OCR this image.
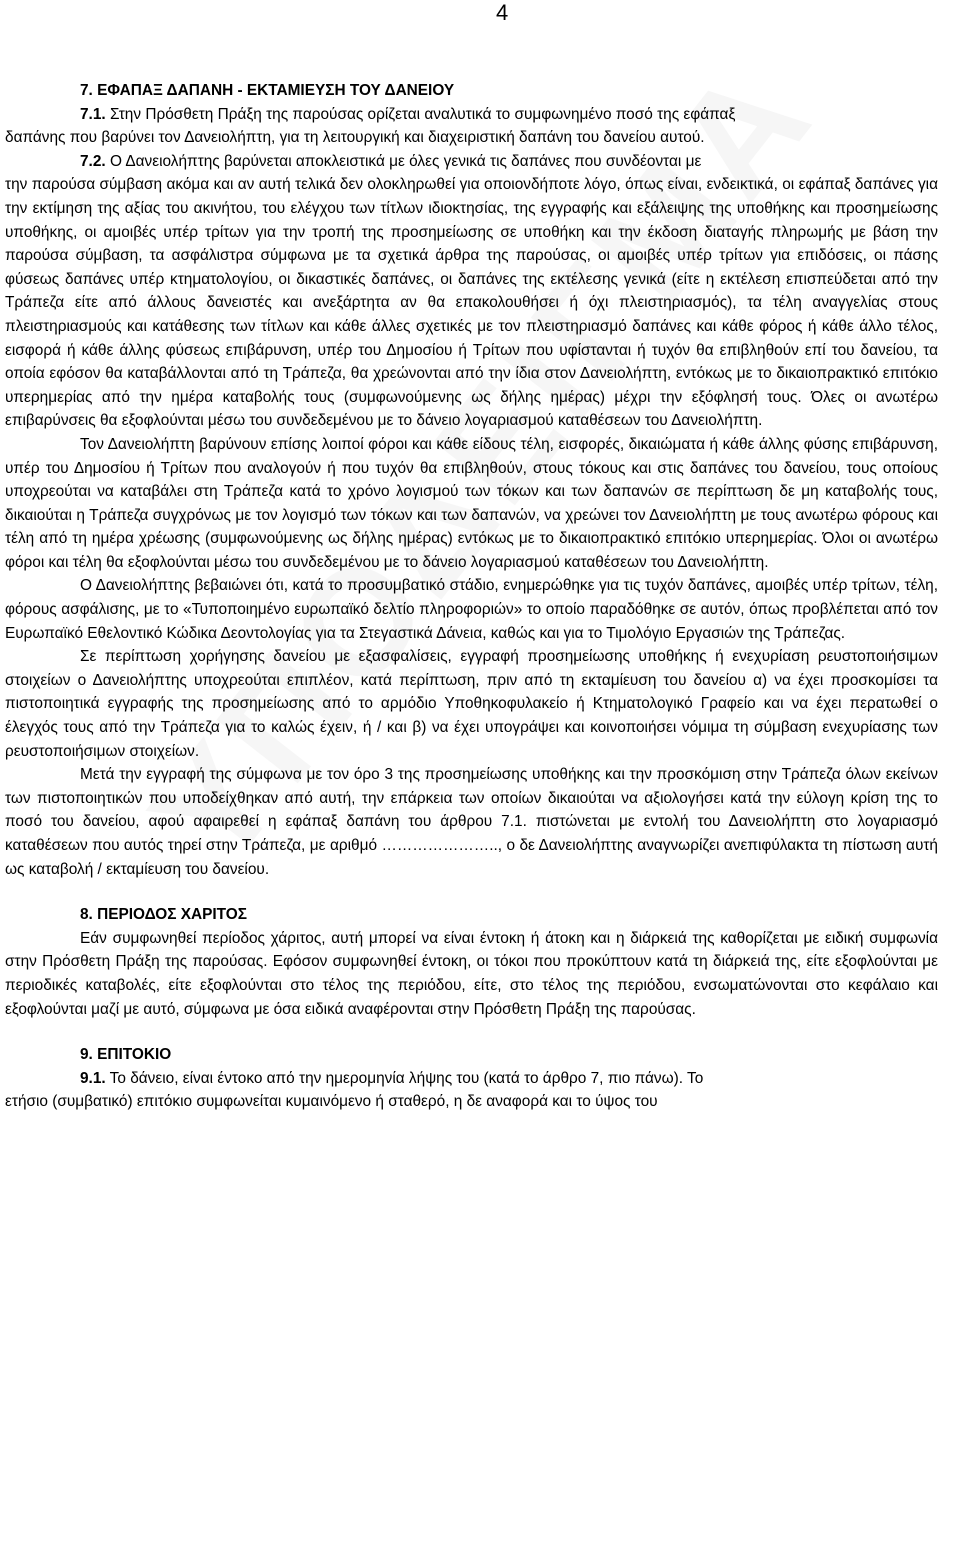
4

7. ΕΦΑΠΑΞ ΔΑΠΑΝΗ - ΕΚΤΑΜΙΕΥΣΗ ΤΟΥ ΔΑΝΕΙΟΥ

7.1. Στην Πρόσθετη Πράξη της παρούσας ορίζεται αναλυτικά το συμφωνημένο ποσό της εφάπαξ

δαπάνης που βαρύνει τον Δανειολήπτη, για τη λειτουργική και διαχειριστική δαπάνη του δανείου αυτού.

7.2. Ο Δανειολήπτης βαρύνεται αποκλειστικά με όλες γενικά τις δαπάνες που συνδέονται με

την παρούσα σύμβαση ακόμα και αν αυτή τελικά δεν ολοκληρωθεί για οποιονδήποτε λόγο, όπως είναι, ενδεικτικά, οι εφάπαξ δαπάνες για την εκτίμηση της αξίας του ακινήτου, του ελέγχου των τίτλων ιδιοκτησίας, της εγγραφής και εξάλειψης της υποθήκης και προσημείωσης υποθήκης, οι αμοιβές υπέρ τρίτων για την τροπή της προσημείωσης σε υποθήκη και την έκδοση διαταγής πληρωμής με βάση την παρούσα σύμβαση, τα ασφάλιστρα σύμφωνα με τα σχετικά άρθρα της παρούσας, οι αμοιβές υπέρ τρίτων για επιδόσεις, οι πάσης φύσεως δαπάνες υπέρ κτηματολογίου, οι δικαστικές δαπάνες, οι δαπάνες της εκτέλεσης γενικά (είτε η εκτέλεση επισπεύδεται από την Τράπεζα είτε από άλλους δανειστές και ανεξάρτητα αν θα επακολουθήσει ή όχι πλειστηριασμός), τα τέλη αναγγελίας στους πλειστηριασμούς και κατάθεσης των τίτλων και κάθε άλλες σχετικές με τον πλειστηριασμό δαπάνες και κάθε φόρος ή κάθε άλλο τέλος, εισφορά ή κάθε άλλης φύσεως επιβάρυνση, υπέρ του Δημοσίου ή Τρίτων που υφίστανται ή τυχόν θα επιβληθούν επί του δανείου, τα οποία εφόσον θα καταβάλλονται από τη Τράπεζα, θα χρεώνονται από την ίδια στον Δανειολήπτη, εντόκως με το δικαιοπρακτικό επιτόκιο υπερημερίας από την ημέρα καταβολής τους (συμφωνούμενης ως δήλης ημέρας) μέχρι την εξόφλησή τους. Όλες οι ανωτέρω επιβαρύνσεις θα εξοφλούνται μέσω του συνδεδεμένου με το δάνειο λογαριασμού καταθέσεων του Δανειολήπτη.

Τον Δανειολήπτη βαρύνουν επίσης λοιποί φόροι και κάθε είδους τέλη, εισφορές, δικαιώματα ή κάθε άλλης φύσης επιβάρυνση, υπέρ του Δημοσίου ή Τρίτων που αναλογούν ή που τυχόν θα επιβληθούν, στους τόκους και στις δαπάνες του δανείου, τους οποίους υποχρεούται να καταβάλει στη Τράπεζα κατά το χρόνο λογισμού των τόκων και των δαπανών σε περίπτωση δε μη καταβολής τους, δικαιούται η Τράπεζα συγχρόνως με τον λογισμό των τόκων και των δαπανών, να χρεώνει τον Δανειολήπτη με τους ανωτέρω φόρους και τέλη από τη ημέρα χρέωσης (συμφωνούμενης ως δήλης ημέρας) εντόκως με το δικαιοπρακτικό επιτόκιο υπερημερίας. Όλοι οι ανωτέρω φόροι και τέλη θα εξοφλούνται μέσω του συνδεδεμένου με το δάνειο λογαριασμού καταθέσεων του Δανειολήπτη.

Ο Δανειολήπτης βεβαιώνει ότι, κατά το προσυμβατικό στάδιο, ενημερώθηκε για τις τυχόν δαπάνες, αμοιβές υπέρ τρίτων, τέλη, φόρους ασφάλισης, με το «Τυποποιημένο ευρωπαϊκό δελτίο πληροφοριών» το οποίο παραδόθηκε σε αυτόν, όπως προβλέπεται από τον Ευρωπαϊκό Εθελοντικό Κώδικα Δεοντολογίας για τα Στεγαστικά Δάνεια, καθώς και για το Τιμολόγιο Εργασιών της Τράπεζας.

Σε περίπτωση χορήγησης δανείου με εξασφαλίσεις, εγγραφή προσημείωσης υποθήκης ή ενεχυρίαση ρευστοποιήσιμων στοιχείων ο Δανειολήπτης υποχρεούται επιπλέον, κατά περίπτωση, πριν από τη εκταμίευση του δανείου α) να έχει προσκομίσει τα πιστοποιητικά εγγραφής της προσημείωσης από το αρμόδιο Υποθηκοφυλακείο ή Κτηματολογικό Γραφείο και να έχει περατωθεί ο έλεγχός τους από την Τράπεζα για το καλώς έχειν, ή / και β) να έχει υπογράψει και κοινοποιήσει νόμιμα τη σύμβαση ενεχυρίασης των ρευστοποιήσιμων στοιχείων.

Μετά την εγγραφή της σύμφωνα με τον όρο 3 της προσημείωσης υποθήκης και την προσκόμιση στην Τράπεζα όλων εκείνων των πιστοποιητικών που υποδείχθηκαν από αυτή, την επάρκεια των οποίων δικαιούται να αξιολογήσει κατά την εύλογη κρίση της το ποσό του δανείου, αφού αφαιρεθεί η εφάπαξ δαπάνη του άρθρου 7.1. πιστώνεται με εντολή του Δανειολήπτη στο λογαριασμό καταθέσεων που αυτός τηρεί στην Τράπεζα, με αριθμό ………………….., ο δε Δανειολήπτης αναγνωρίζει ανεπιφύλακτα τη πίστωση αυτή ως καταβολή / εκταμίευση του δανείου.

8. ΠΕΡΙΟΔΟΣ ΧΑΡΙΤΟΣ

Εάν συμφωνηθεί περίοδος χάριτος, αυτή μπορεί να είναι έντοκη ή άτοκη και η διάρκειά της καθορίζεται με ειδική συμφωνία στην Πρόσθετη Πράξη της παρούσας. Εφόσον συμφωνηθεί έντοκη, οι τόκοι που προκύπτουν κατά τη διάρκειά της, είτε εξοφλούνται με περιοδικές καταβολές, είτε εξοφλούνται στο τέλος της περιόδου, είτε, στο τέλος της περιόδου, ενσωματώνονται στο κεφάλαιο και εξοφλούνται μαζί με αυτό, σύμφωνα με όσα ειδικά αναφέρονται στην Πρόσθετη Πράξη της παρούσας.

9. ΕΠΙΤΟΚΙΟ

9.1. Το δάνειο, είναι έντοκο από την ημερομηνία λήψης του (κατά το άρθρο 7, πιο πάνω). Το

ετήσιο (συμβατικό) επιτόκιο συμφωνείται κυμαινόμενο ή σταθερό, η δε αναφορά και το ύψος του
